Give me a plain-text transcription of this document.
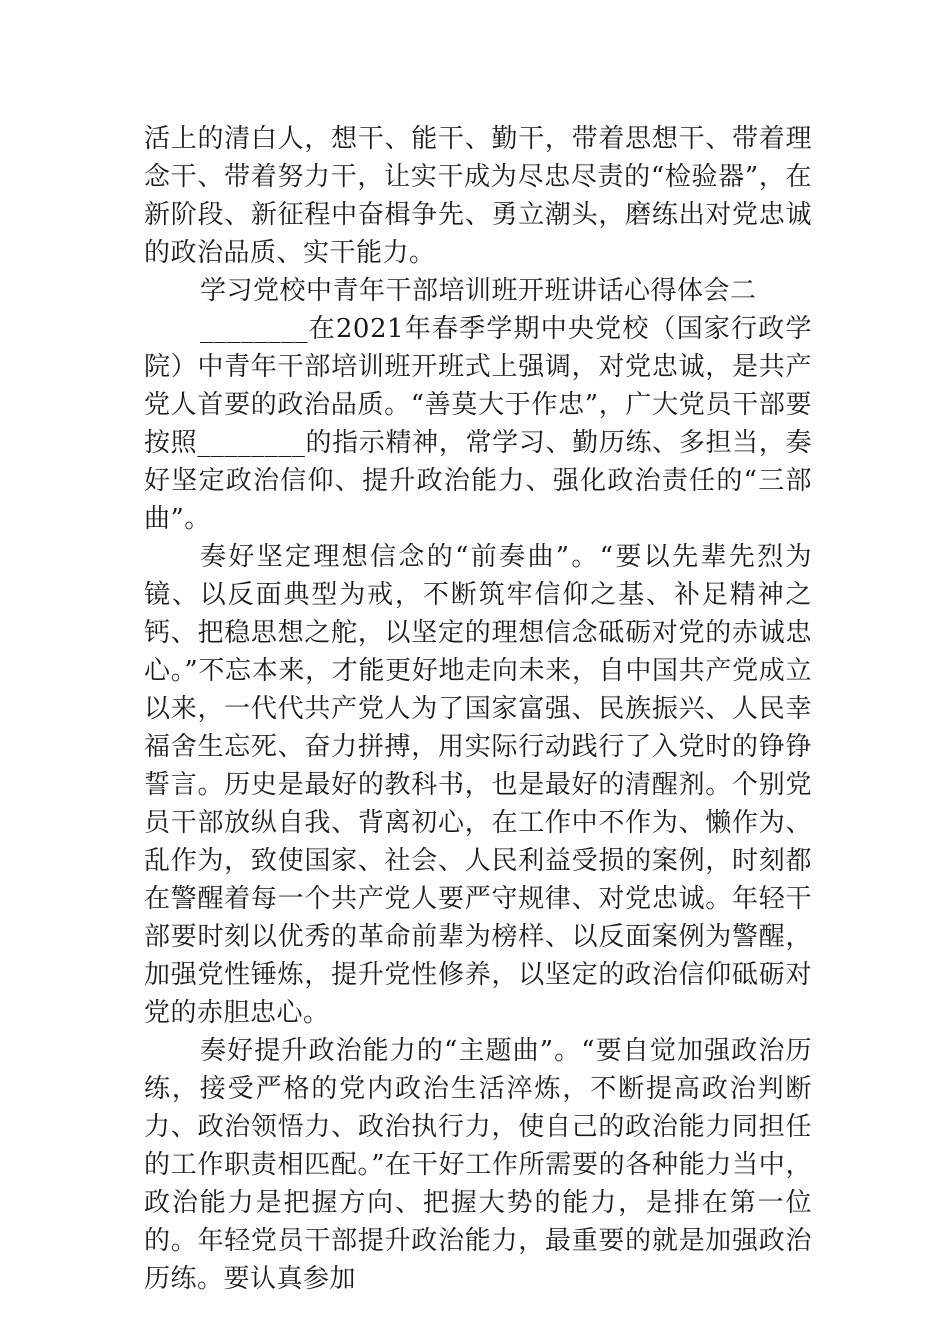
活上的清白人，想干、能干、勤干，带着思想干、带着理念干、带着努力干，让实干成为尽忠尽责的“检验器”，在新阶段、新征程中奋楫争先、勇立潮头，磨练出对党忠诚的政治品质、实干能力。

学习党校中青年干部培训班开班讲话心得体会二

________在2021年春季学期中央党校（国家行政学院）中青年干部培训班开班式上强调，对党忠诚，是共产党人首要的政治品质。“善莫大于作忠”，广大党员干部要按照________的指示精神，常学习、勤历练、多担当，奏好坚定政治信仰、提升政治能力、强化政治责任的“三部曲”。

奏好坚定理想信念的“前奏曲”。“要以先辈先烈为镜、以反面典型为戒，不断筑牢信仰之基、补足精神之钙、把稳思想之舵，以坚定的理想信念砥砺对党的赤诚忠心。”不忘本来，才能更好地走向未来，自中国共产党成立以来，一代代共产党人为了国家富强、民族振兴、人民幸福舍生忘死、奋力拼搏，用实际行动践行了入党时的铮铮誓言。历史是最好的教科书，也是最好的清醒剂。个别党员干部放纵自我、背离初心，在工作中不作为、懒作为、乱作为，致使国家、社会、人民利益受损的案例，时刻都在警醒着每一个共产党人要严守规律、对党忠诚。年轻干部要时刻以优秀的革命前辈为榜样、以反面案例为警醒，加强党性锤炼，提升党性修养，以坚定的政治信仰砥砺对党的赤胆忠心。

奏好提升政治能力的“主题曲”。“要自觉加强政治历练，接受严格的党内政治生活淬炼，不断提高政治判断力、政治领悟力、政治执行力，使自己的政治能力同担任的工作职责相匹配。”在干好工作所需要的各种能力当中，政治能力是把握方向、把握大势的能力，是排在第一位的。年轻党员干部提升政治能力，最重要的就是加强政治历练。要认真参加
